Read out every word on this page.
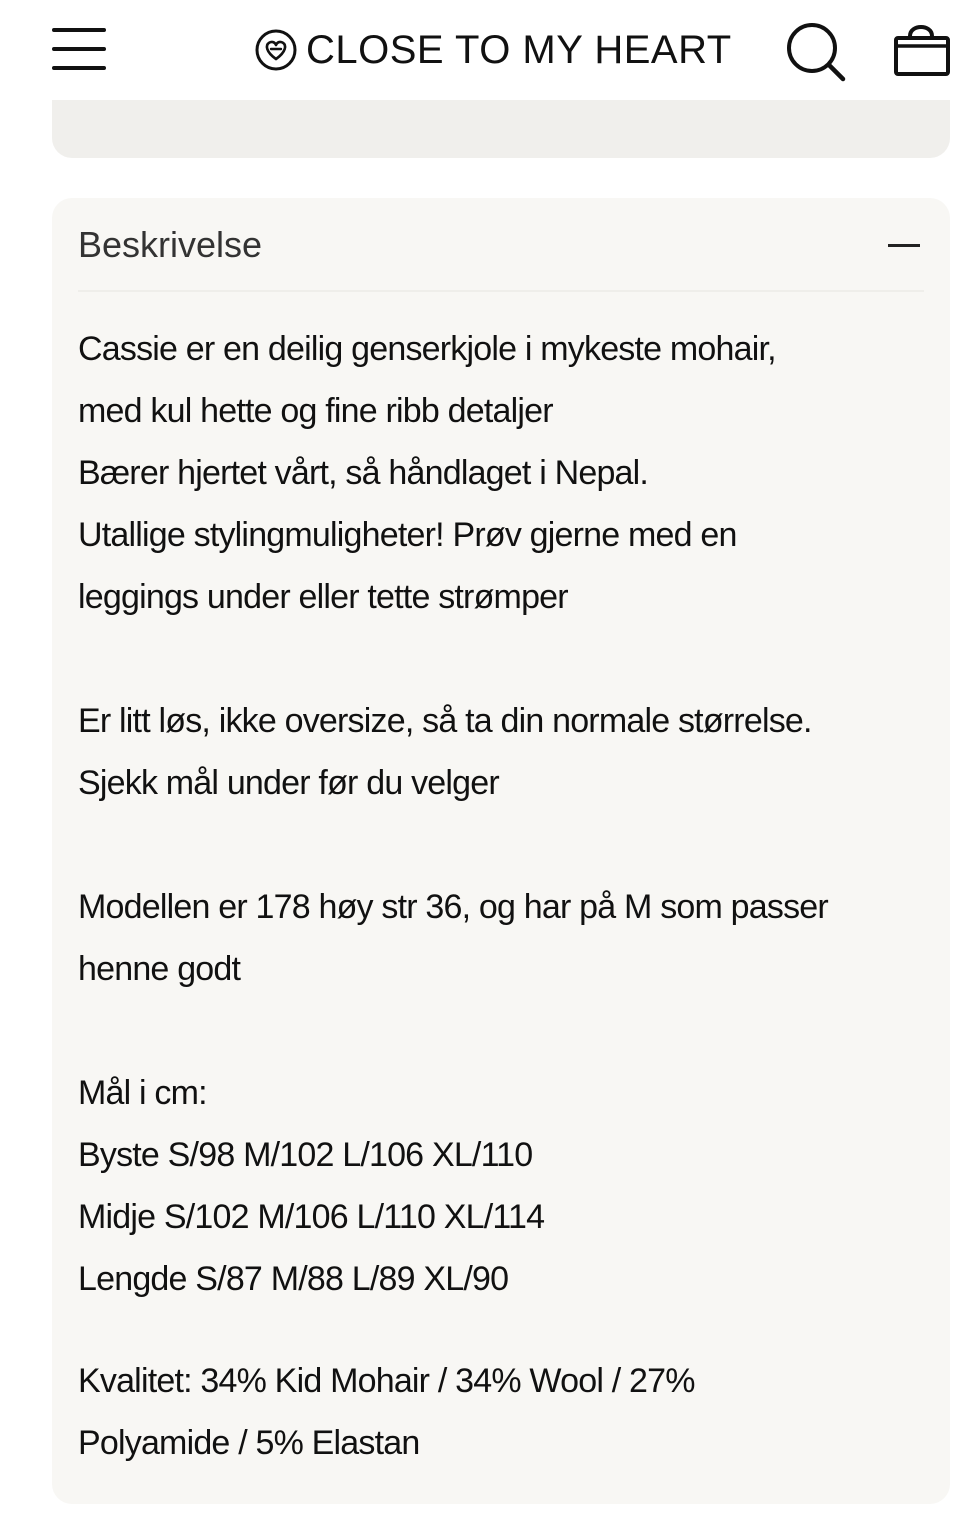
CLOSE TO MY HEART
Beskrivelse

Cassie er en deilig genserkjole i mykeste mohair,

med kul hette og fine ribb detaljer

Bærer hjertet vårt, så håndlaget i Nepal.

Utallige stylingmuligheter! Prøv gjerne med en

leggings under eller tette strømper

Er litt løs, ikke oversize, så ta din normale størrelse.

Sjekk mål under før du velger

Modellen er 178 høy str 36, og har på M som passer

henne godt

Mål i cm:

Byste S/98 M/102 L/106 XL/110

Midje S/102 M/106 L/110 XL/114

Lengde S/87 M/88 L/89 XL/90

Kvalitet: 34% Kid Mohair / 34% Wool / 27%

Polyamide / 5% Elastan
